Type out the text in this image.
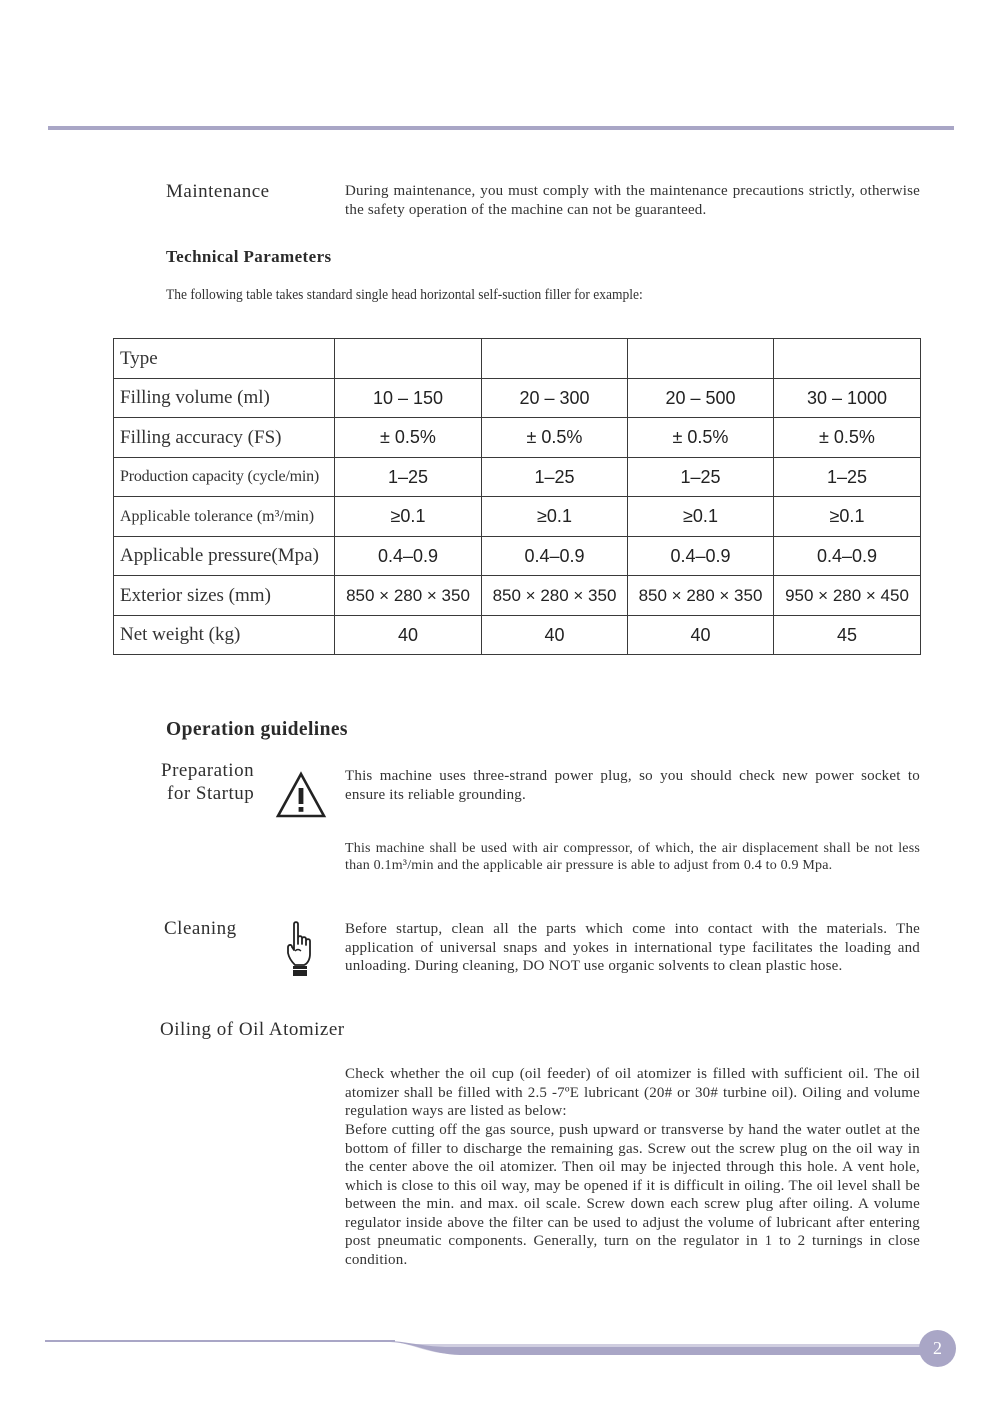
Maintenance	During maintenance, you must comply with the maintenance precautions strictly, otherwise the safety operation of the machine can not be guaranteed.
Technical Parameters
The following table takes standard single head horizontal self-suction filler for example:
Type				
Filling volume (ml)	10 – 150	20 – 300	20 – 500	30 – 1000
Filling accuracy (FS)	± 0.5%	± 0.5%	± 0.5%	± 0.5%
Production capacity (cycle/min)	1–25	1–25	1–25	1–25
Applicable tolerance (m³/min)	≥0.1	≥0.1	≥0.1	≥0.1
Applicable pressure(Mpa)	0.4–0.9	0.4–0.9	0.4–0.9	0.4–0.9
Exterior sizes (mm)	850 × 280 × 350	850 × 280 × 350	850 × 280 × 350	950 × 280 × 450
Net weight (kg)	40	40	40	45
Operation guidelines
Preparation
for Startup
This machine uses three-strand power plug, so you should check new power socket to ensure its reliable grounding.
This machine shall be used with air compressor, of which, the air displacement shall be not less than 0.1m³/min and the applicable air pressure is able to adjust from 0.4 to 0.9 Mpa.
Cleaning	Before startup, clean all the parts which come into contact with the materials. The application of universal snaps and yokes in international type facilitates the loading and unloading. During cleaning, DO NOT use organic solvents to clean plastic hose.
Oiling of Oil Atomizer
Check whether the oil cup (oil feeder) of oil atomizer is filled with sufficient oil. The oil atomizer shall be filled with 2.5 -7ºE lubricant (20# or 30# turbine oil). Oiling and volume regulation ways are listed as below:
Before cutting off the gas source, push upward or transverse by hand the water outlet at the bottom of filler to discharge the remaining gas. Screw out the screw plug on the oil way in the center above the oil atomizer. Then oil may be injected through this hole. A vent hole, which is close to this oil way, may be opened if it is difficult in oiling. The oil level shall be between the min. and max. oil scale. Screw down each screw plug after oiling. A volume regulator inside above the filter can be used to adjust the volume of lubricant after entering post pneumatic components. Generally, turn on the regulator in 1 to 2 turnings in close condition.
2
